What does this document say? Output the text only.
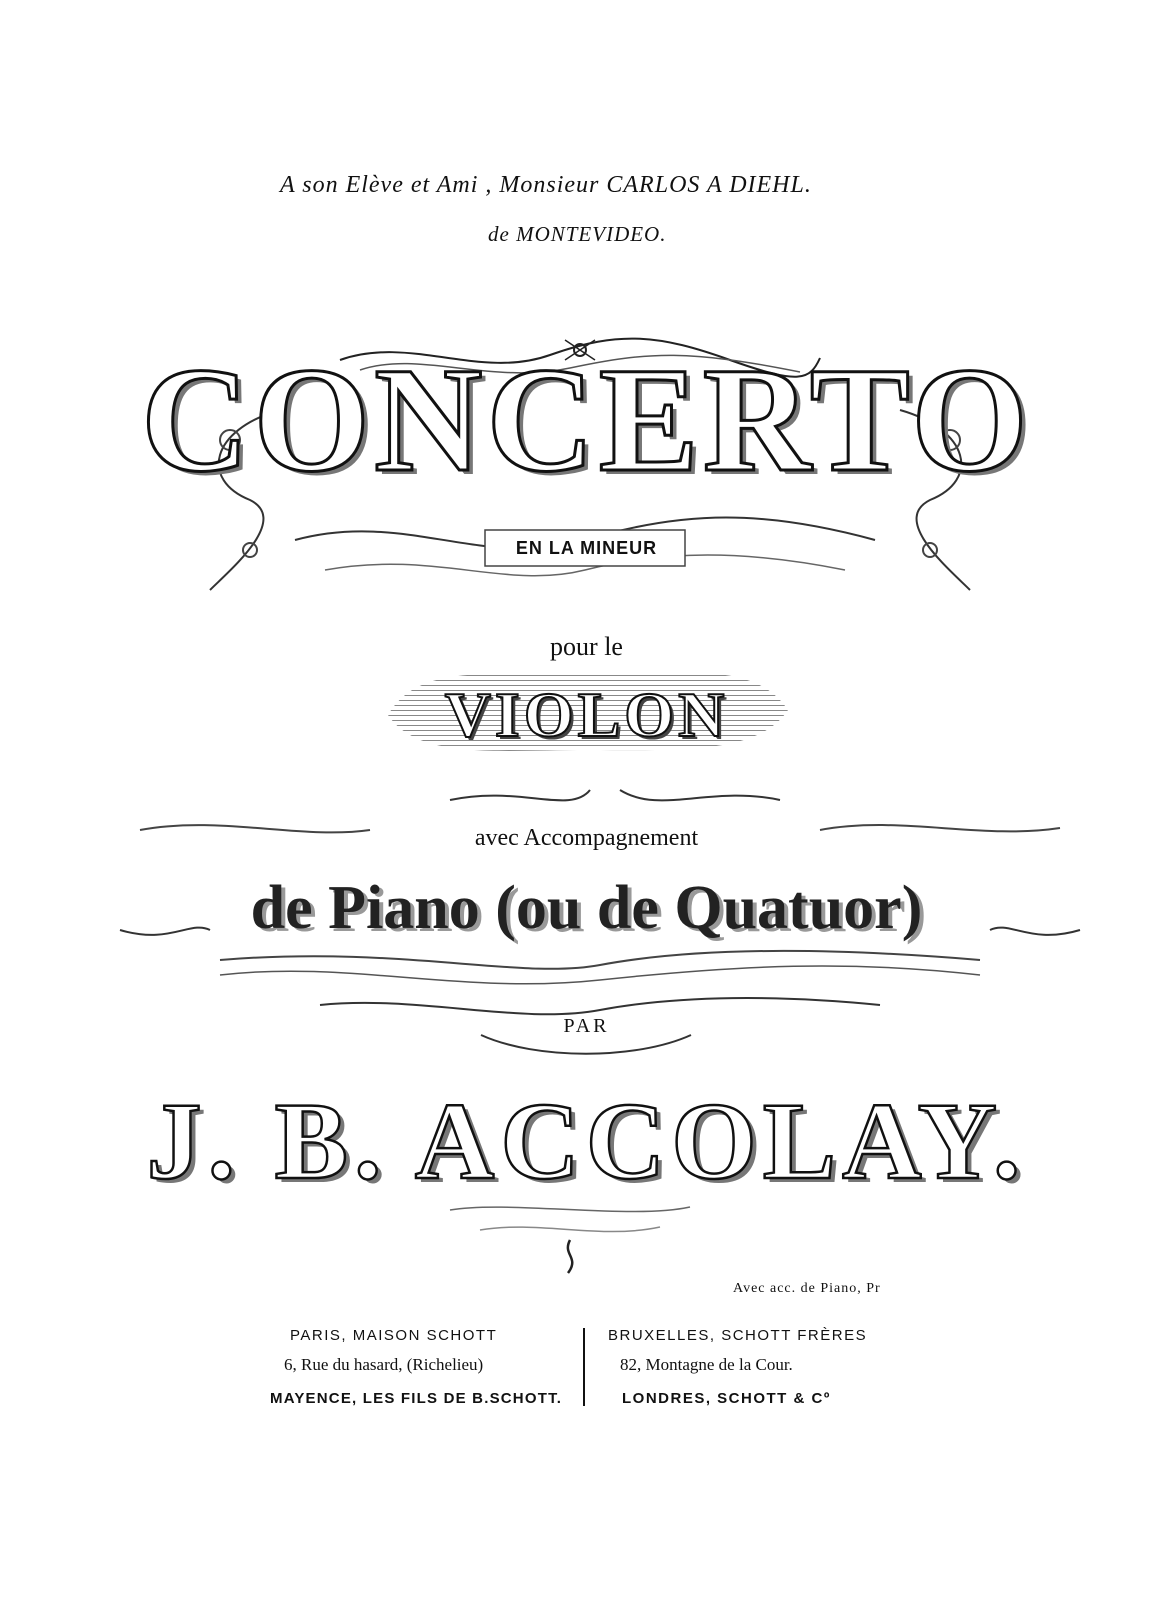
A son Elève et Ami , Monsieur CARLOS A DIEHL.
de MONTEVIDEO.
CONCERTO
EN LA MINEUR
pour le
VIOLON
avec Accompagnement
de Piano (ou de Quatuor)
PAR
J. B. ACCOLAY.
Avec acc. de Piano, Pr
PARIS, MAISON SCHOTT
6, Rue du hasard, (Richelieu)
MAYENCE, LES FILS DE B.SCHOTT.
BRUXELLES, SCHOTT FRÈRES
82, Montagne de la Cour.
LONDRES, SCHOTT & Cº
